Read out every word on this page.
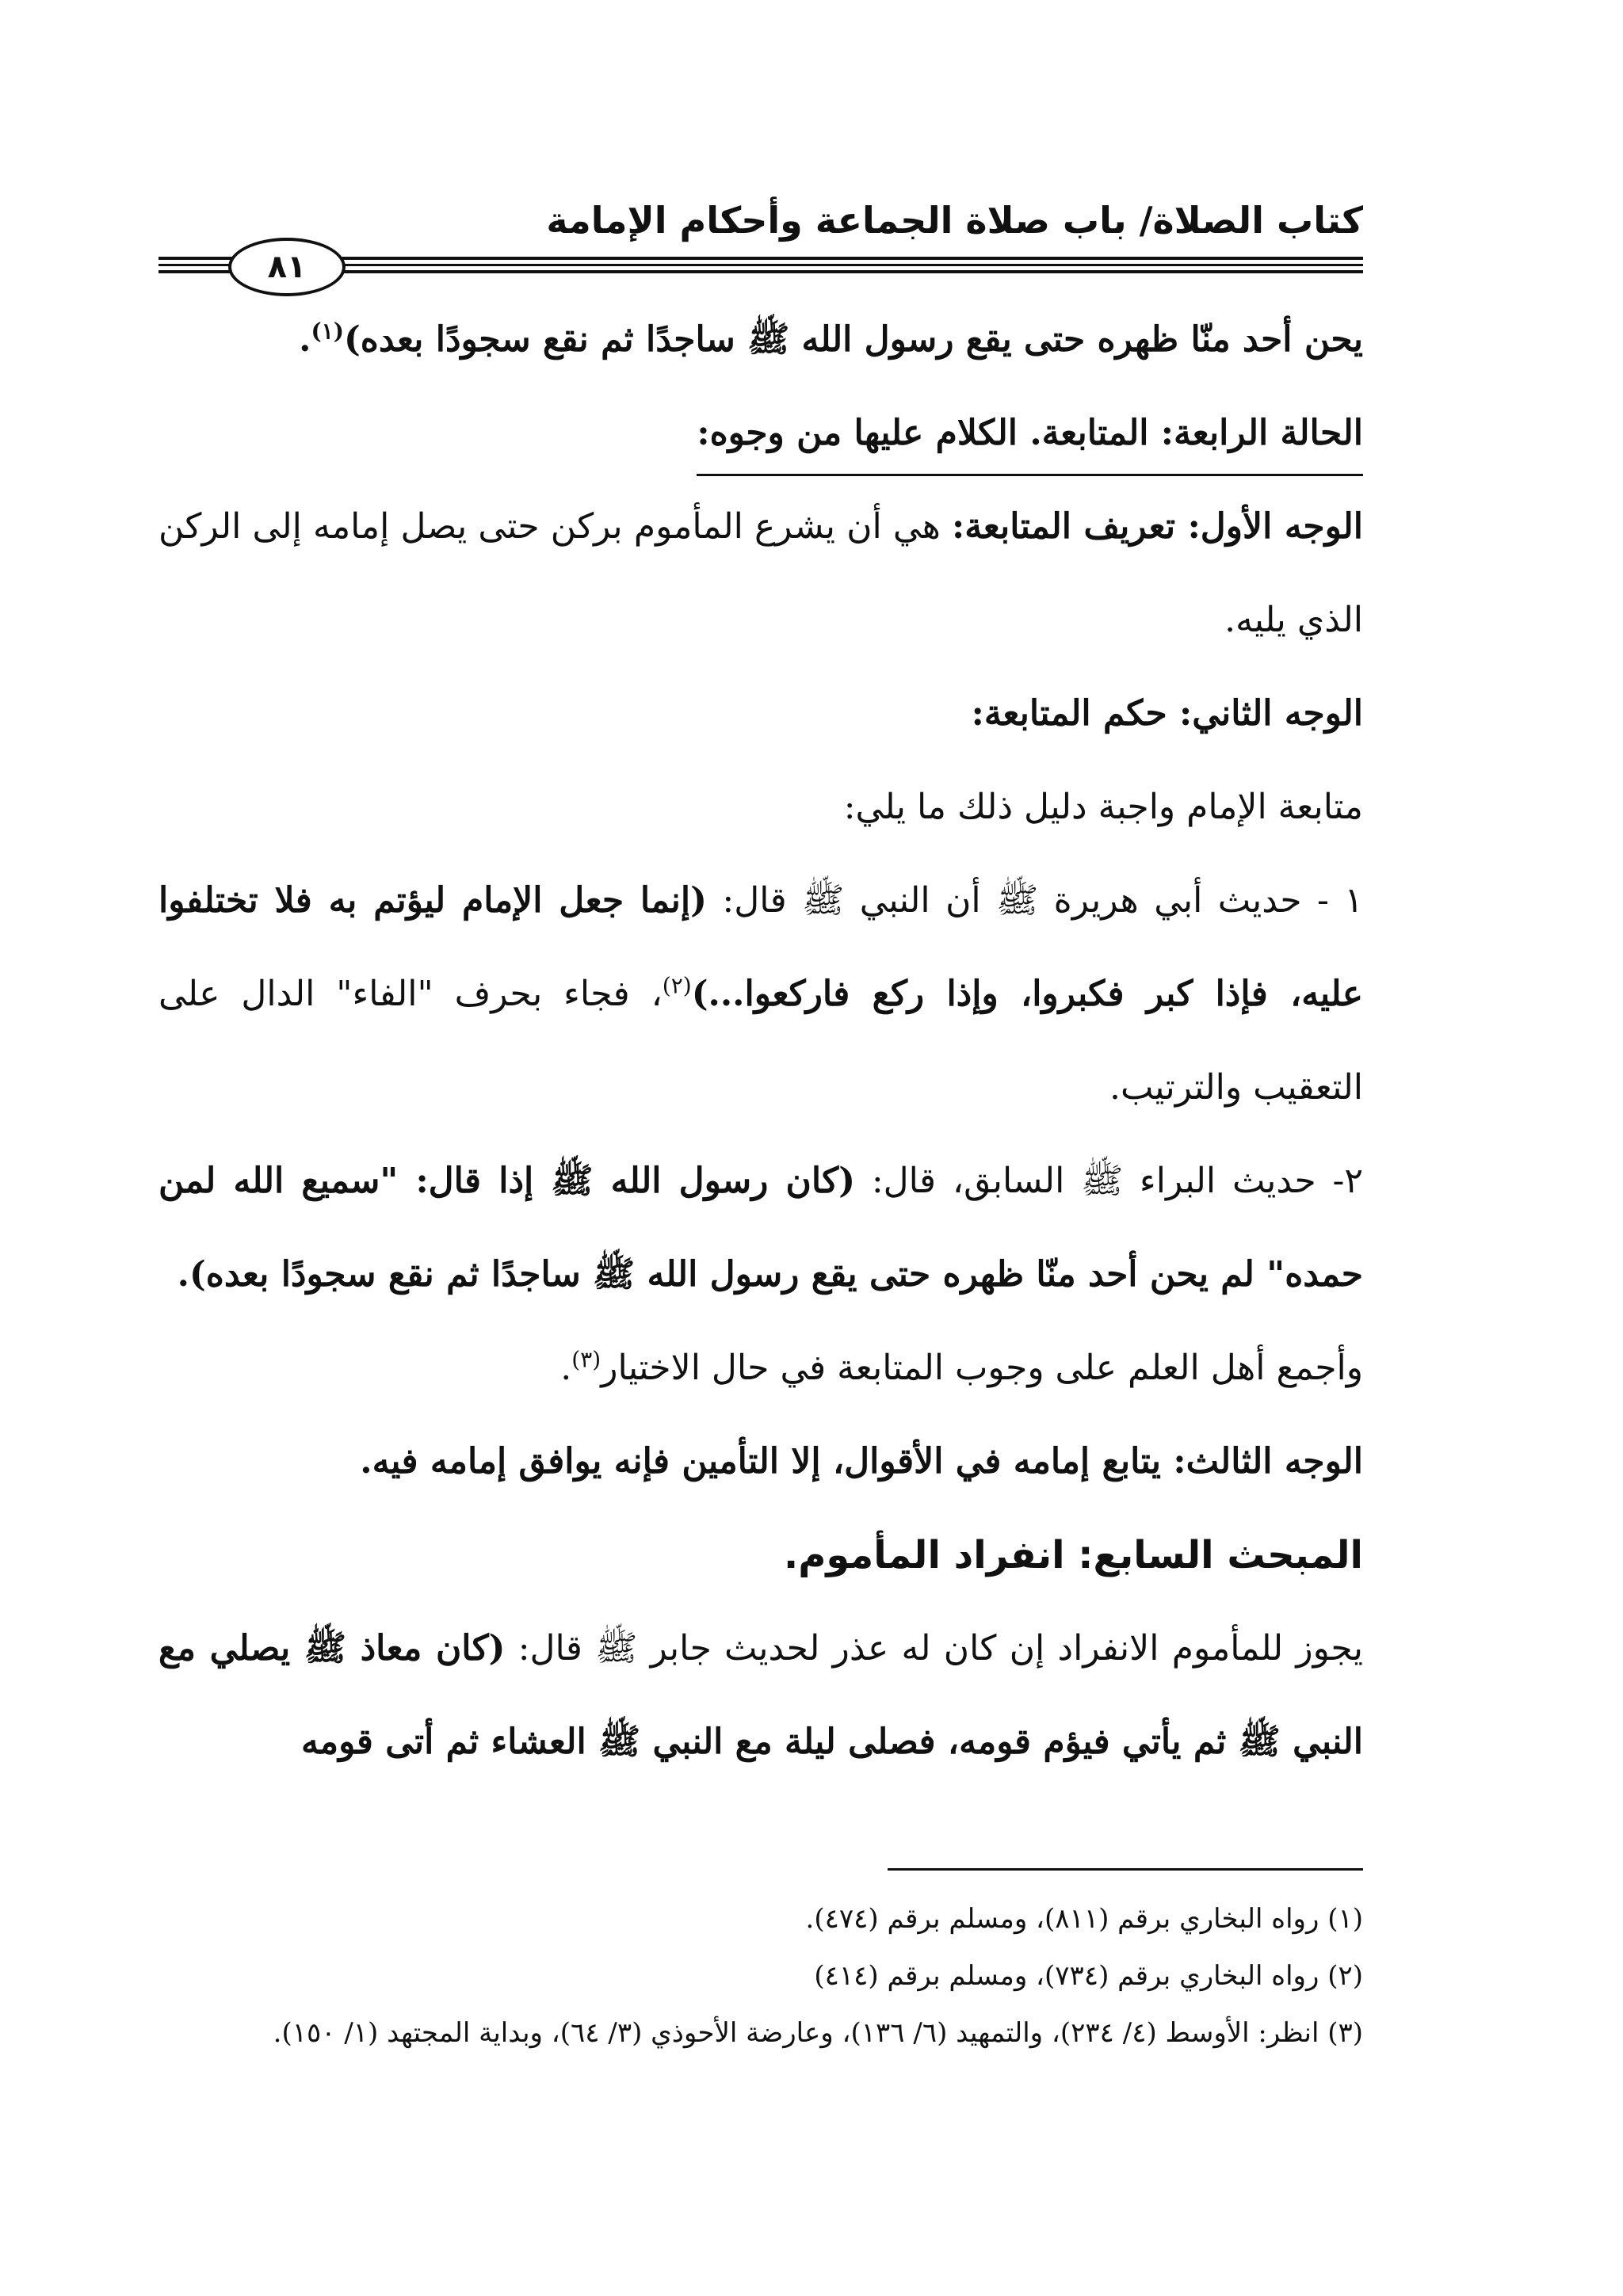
كتاب الصلاة/ باب صلاة الجماعة وأحكام الإمامة
٨١

يحن أحد منّا ظهره حتى يقع رسول الله ﷺ ساجدًا ثم نقع سجودًا بعده)$^{(١)}$.

الحالة الرابعة: المتابعة. الكلام عليها من وجوه:

الوجه الأول: تعريف المتابعة: هي أن يشرع المأموم بركن حتى يصل إمامه إلى الركن الذي يليه.

الوجه الثاني: حكم المتابعة:

متابعة الإمام واجبة دليل ذلك ما يلي:

١ - حديث أبي هريرة ﷺ أن النبي ﷺ قال: (إنما جعل الإمام ليؤتم به فلا تختلفوا عليه، فإذا كبر فكبروا، وإذا ركع فاركعوا...)$^{(٢)}$، فجاء بحرف "الفاء" الدال على التعقيب والترتيب.

٢- حديث البراء ﷺ السابق، قال: (كان رسول الله ﷺ إذا قال: "سميع الله لمن حمده" لم يحن أحد منّا ظهره حتى يقع رسول الله ﷺ ساجدًا ثم نقع سجودًا بعده).

وأجمع أهل العلم على وجوب المتابعة في حال الاختيار$^{(٣)}$.

الوجه الثالث: يتابع إمامه في الأقوال، إلا التأمين فإنه يوافق إمامه فيه.

المبحث السابع: انفراد المأموم.

يجوز للمأموم الانفراد إن كان له عذر لحديث جابر ﷺ قال: (كان معاذ ﷺ يصلي مع النبي ﷺ ثم يأتي فيؤم قومه، فصلى ليلة مع النبي ﷺ العشاء ثم أتى قومه

(١) رواه البخاري برقم (٨١١)، ومسلم برقم (٤٧٤).

(٢) رواه البخاري برقم (٧٣٤)، ومسلم برقم (٤١٤)

(٣) انظر: الأوسط (٤/ ٢٣٤)، والتمهيد (٦/ ١٣٦)، وعارضة الأحوذي (٣/ ٦٤)، وبداية المجتهد (١/ ١٥٠).
